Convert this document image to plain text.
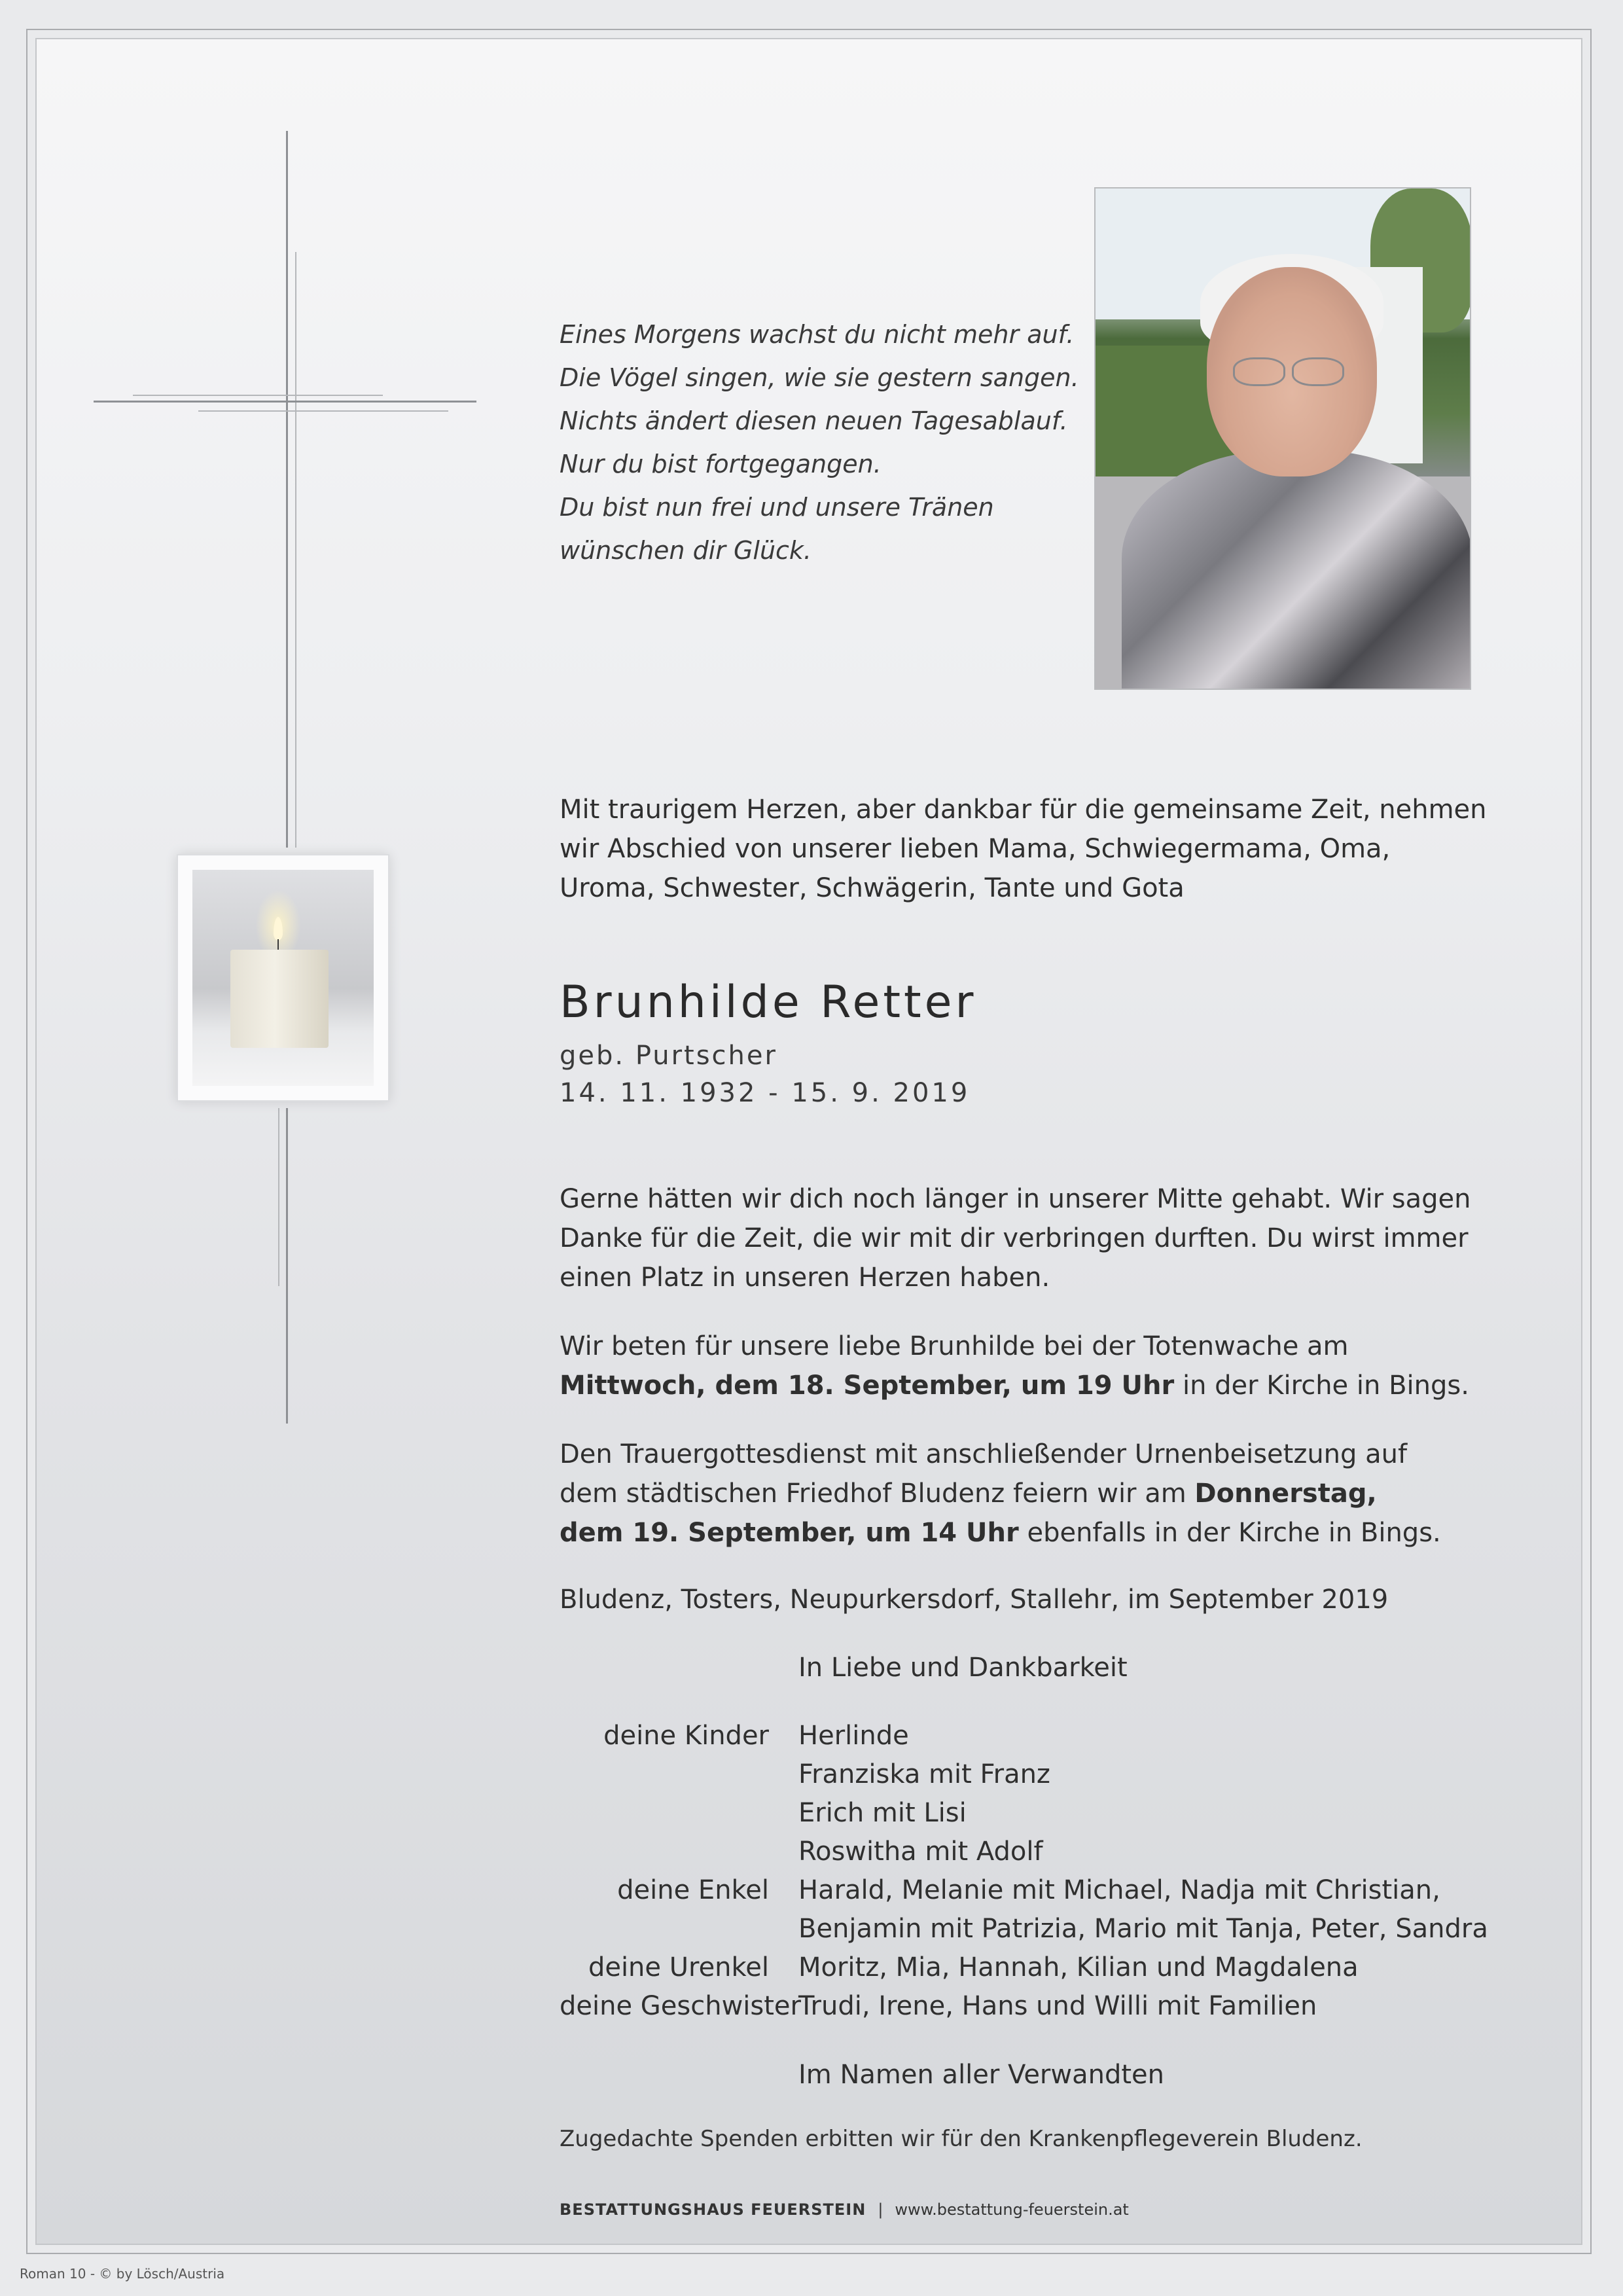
Eines Morgens wachst du nicht mehr auf.
Die Vögel singen, wie sie gestern sangen.
Nichts ändert diesen neuen Tagesablauf.
Nur du bist fortgegangen.
Du bist nun frei und unsere Tränen
wünschen dir Glück.
Mit traurigem Herzen, aber dankbar für die gemeinsame Zeit, nehmen
wir Abschied von unserer lieben Mama, Schwiegermama, Oma,
Uroma, Schwester, Schwägerin, Tante und Gota
Brunhilde Retter
geb. Purtscher
14. 11. 1932 - 15. 9. 2019
Gerne hätten wir dich noch länger in unserer Mitte gehabt. Wir sagen
Danke für die Zeit, die wir mit dir verbringen durften. Du wirst immer
einen Platz in unseren Herzen haben.
Wir beten für unsere liebe Brunhilde bei der Totenwache am
Mittwoch, dem 18. September, um 19 Uhr in der Kirche in Bings.
Den Trauergottesdienst mit anschließender Urnenbeisetzung auf
dem städtischen Friedhof Bludenz feiern wir am Donnerstag,
dem 19. September, um 14 Uhr ebenfalls in der Kirche in Bings.
Bludenz, Tosters, Neupurkersdorf, Stallehr, im September 2019
In Liebe und Dankbarkeit
deine Kinder Herlinde
Franziska mit Franz
Erich mit Lisi
Roswitha mit Adolf
deine Enkel Harald, Melanie mit Michael, Nadja mit Christian,
Benjamin mit Patrizia, Mario mit Tanja, Peter, Sandra
deine Urenkel Moritz, Mia, Hannah, Kilian und Magdalena
deine Geschwister
Trudi, Irene, Hans und Willi mit Familien
Im Namen aller Verwandten
Zugedachte Spenden erbitten wir für den Krankenpflegeverein Bludenz.
BESTATTUNGSHAUS FEUERSTEIN | www.bestattung-feuerstein.at
Roman 10 - © by Lösch/Austria
